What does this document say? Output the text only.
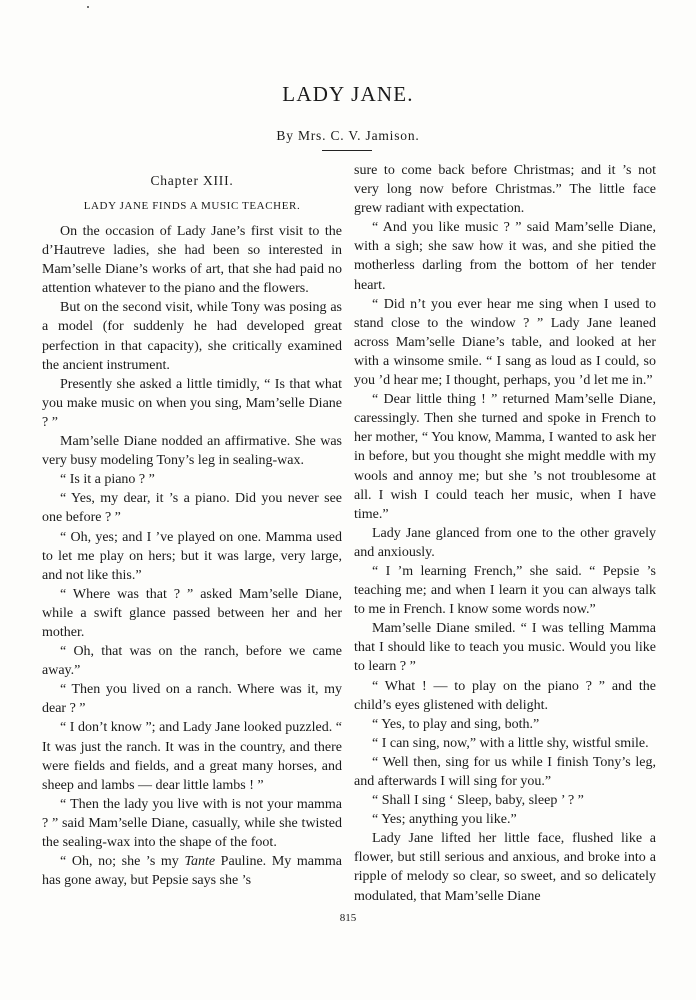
LADY JANE.
By Mrs. C. V. Jamison.
Chapter XIII.
LADY JANE FINDS A MUSIC TEACHER.

On the occasion of Lady Jane’s first visit to the d’Hautreve ladies, she had been so interested in Mam’selle Diane’s works of art, that she had paid no attention whatever to the piano and the flowers.

But on the second visit, while Tony was posing as a model (for suddenly he had developed great perfection in that capacity), she critically examined the ancient instrument.

Presently she asked a little timidly, “ Is that what you make music on when you sing, Mam’selle Diane ? ”

Mam’selle Diane nodded an affirmative. She was very busy modeling Tony’s leg in sealing-wax.

“ Is it a piano ? ”

“ Yes, my dear, it ’s a piano. Did you never see one before ? ”

“ Oh, yes; and I ’ve played on one. Mamma used to let me play on hers; but it was large, very large, and not like this.”

“ Where was that ? ” asked Mam’selle Diane, while a swift glance passed between her and her mother.

“ Oh, that was on the ranch, before we came away.”

“ Then you lived on a ranch. Where was it, my dear ? ”

“ I don’t know ”; and Lady Jane looked puzzled. “ It was just the ranch. It was in the country, and there were fields and fields, and a great many horses, and sheep and lambs — dear little lambs ! ”

“ Then the lady you live with is not your mamma ? ” said Mam’selle Diane, casually, while she twisted the sealing-wax into the shape of the foot.

“ Oh, no; she ’s my Tante Pauline. My mamma has gone away, but Pepsie says she ’s

sure to come back before Christmas; and it ’s not very long now before Christmas.” The little face grew radiant with expectation.

“ And you like music ? ” said Mam’selle Diane, with a sigh; she saw how it was, and she pitied the motherless darling from the bottom of her tender heart.

“ Did n’t you ever hear me sing when I used to stand close to the window ? ” Lady Jane leaned across Mam’selle Diane’s table, and looked at her with a winsome smile. “ I sang as loud as I could, so you ’d hear me; I thought, perhaps, you ’d let me in.”

“ Dear little thing ! ” returned Mam’selle Diane, caressingly. Then she turned and spoke in French to her mother, “ You know, Mamma, I wanted to ask her in before, but you thought she might meddle with my wools and annoy me; but she ’s not troublesome at all. I wish I could teach her music, when I have time.”

Lady Jane glanced from one to the other gravely and anxiously.

“ I ’m learning French,” she said. “ Pepsie ’s teaching me; and when I learn it you can always talk to me in French. I know some words now.”

Mam’selle Diane smiled. “ I was telling Mamma that I should like to teach you music. Would you like to learn ? ”

“ What ! — to play on the piano ? ” and the child’s eyes glistened with delight.

“ Yes, to play and sing, both.”

“ I can sing, now,” with a little shy, wistful smile.

“ Well then, sing for us while I finish Tony’s leg, and afterwards I will sing for you.”

“ Shall I sing ‘ Sleep, baby, sleep ’ ? ”

“ Yes; anything you like.”

Lady Jane lifted her little face, flushed like a flower, but still serious and anxious, and broke into a ripple of melody so clear, so sweet, and so delicately modulated, that Mam’selle Diane

815
